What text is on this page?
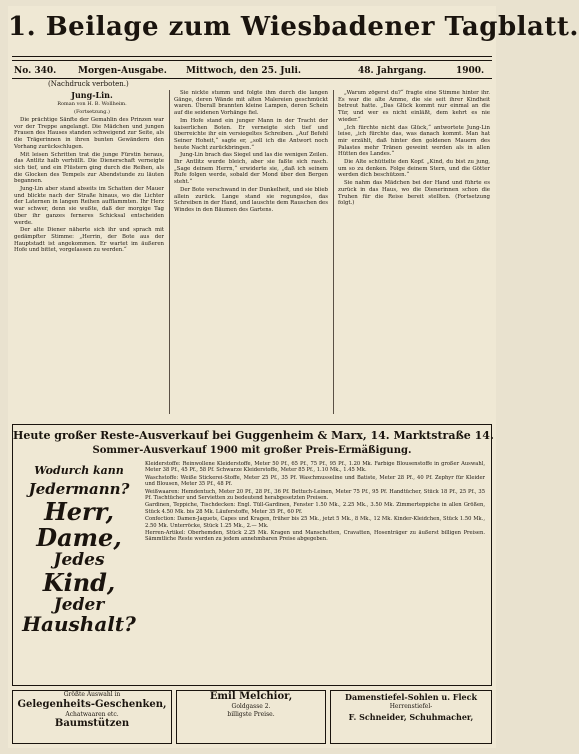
1. Beilage zum Wiesbadener Tagblatt.
No. 340. Morgen-Ausgabe. Mittwoch, den 25. Juli.	48. Jahrgang.	1900.
(Nachdruck verboten.)

Jung-Lin.

Roman von H. B. Wollheim.

(Fortsetzung.)

Die prächtige Sänfte der Gemahlin des Prinzen war vor der Treppe angelangt. Die Mädchen und jungen Frauen des Hauses standen schweigend zur Seite, als die Trägerinnen in ihren bunten Gewändern den Vorhang zurückschlugen.

Mit leisen Schritten trat die junge Fürstin heraus, das Antlitz halb verhüllt. Die Dienerschaft verneigte sich tief, und ein Flüstern ging durch die Reihen, als die Glocken des Tempels zur Abendstunde zu läuten begannen.

Jung-Lin aber stand abseits im Schatten der Mauer und blickte nach der Straße hinaus, wo die Lichter der Laternen in langen Reihen aufflammten. Ihr Herz war schwer, denn sie wußte, daß der morgige Tag über ihr ganzes ferneres Schicksal entscheiden werde.

Der alte Diener näherte sich ihr und sprach mit gedämpfter Stimme: „Herrin, der Bote aus der Hauptstadt ist angekommen. Er wartet im äußeren Hofe und bittet, vorgelassen zu werden.“

Sie nickte stumm und folgte ihm durch die langen Gänge, deren Wände mit alten Malereien geschmückt waren. Überall brannten kleine Lampen, deren Schein auf die seidenen Vorhänge fiel.

Im Hofe stand ein junger Mann in der Tracht der kaiserlichen Boten. Er verneigte sich tief und überreichte ihr ein versiegeltes Schreiben. „Auf Befehl Seiner Hoheit,“ sagte er, „soll ich die Antwort noch heute Nacht zurückbringen.“

Jung-Lin brach das Siegel und las die wenigen Zeilen. Ihr Antlitz wurde bleich, aber sie faßte sich rasch. „Sage deinem Herrn,“ erwiderte sie, „daß ich seinem Rufe folgen werde, sobald der Mond über den Bergen steht.“

Der Bote verschwand in der Dunkelheit, und sie blieb allein zurück. Lange stand sie regungslos, das Schreiben in der Hand, und lauschte dem Rauschen des Windes in den Bäumen des Gartens.

„Warum zögerst du?“ fragte eine Stimme hinter ihr. Es war die alte Amme, die sie seit ihrer Kindheit betreut hatte. „Das Glück kommt nur einmal an die Tür, und wer es nicht einläßt, dem kehrt es nie wieder.“

„Ich fürchte nicht das Glück,“ antwortete Jung-Lin leise, „ich fürchte das, was danach kommt. Man hat mir erzählt, daß hinter den goldenen Mauern des Palastes mehr Tränen geweint werden als in allen Hütten des Landes.“

Die Alte schüttelte den Kopf. „Kind, du bist zu jung, um so zu denken. Folge deinem Stern, und die Götter werden dich beschützen.“

Sie nahm das Mädchen bei der Hand und führte es zurück in das Haus, wo die Dienerinnen schon die Truhen für die Reise bereit stellten. (Fortsetzung folgt.)

Heute großer Reste-Ausverkauf bei Guggenheim & Marx, 14. Marktstraße 14.
Sommer-Ausverkauf 1900 mit großer Preis-Ermäßigung.
Wodurch kann
Jedermann?
Herr,
Dame,
Jedes
Kind,
Jeder
Haushalt?

Kleiderstoffe: Reinwollene Kleiderstoffe, Meter 50 Pf., 65 Pf., 75 Pf., 95 Pf., 1.20 Mk. Farbige Blousenstoffe in großer Auswahl, Meter 38 Pf., 45 Pf., 58 Pf. Schwarze Kleiderstoffe, Meter 85 Pf., 1.10 Mk., 1.45 Mk.

Waschstoffe: Weiße Stickerei-Stoffe, Meter 25 Pf., 35 Pf. Waschmusseline und Batiste, Meter 28 Pf., 40 Pf. Zephyr für Kleider und Blousen, Meter 35 Pf., 48 Pf.

Weißwaaren: Hemdentuch, Meter 20 Pf., 28 Pf., 36 Pf. Bettuch-Leinen, Meter 75 Pf., 95 Pf. Handtücher, Stück 18 Pf., 25 Pf., 35 Pf. Tischtücher und Servietten zu bedeutend herabgesetzten Preisen.

Gardinen, Teppiche, Tischdecken: Engl. Tüll-Gardinen, Fenster 1.50 Mk., 2.25 Mk., 3.50 Mk. Zimmerteppiche in allen Größen, Stück 4.50 Mk. bis 28 Mk. Läuferstoffe, Meter 35 Pf., 60 Pf.

Confection: Damen-Jaquets, Capes und Kragen, früher bis 25 Mk., jetzt 5 Mk., 8 Mk., 12 Mk. Kinder-Kleidchen, Stück 1.50 Mk., 2.50 Mk. Unterröcke, Stück 1.25 Mk., 2.— Mk.

Herren-Artikel: Oberhemden, Stück 2.25 Mk. Kragen und Manschetten, Cravatten, Hosenträger zu äußerst billigen Preisen. Sämmtliche Reste werden zu jedem annehmbaren Preise abgegeben.

Größte Auswahl in
Gelegenheits-Geschenken,
Achatwaaren etc.
Baumstützen
Emil Melchior,
Goldgasse 2.
billigste Preise.
Damenstiefel-Sohlen u. Fleck
Herrenstiefel-
F. Schneider, Schuhmacher,
